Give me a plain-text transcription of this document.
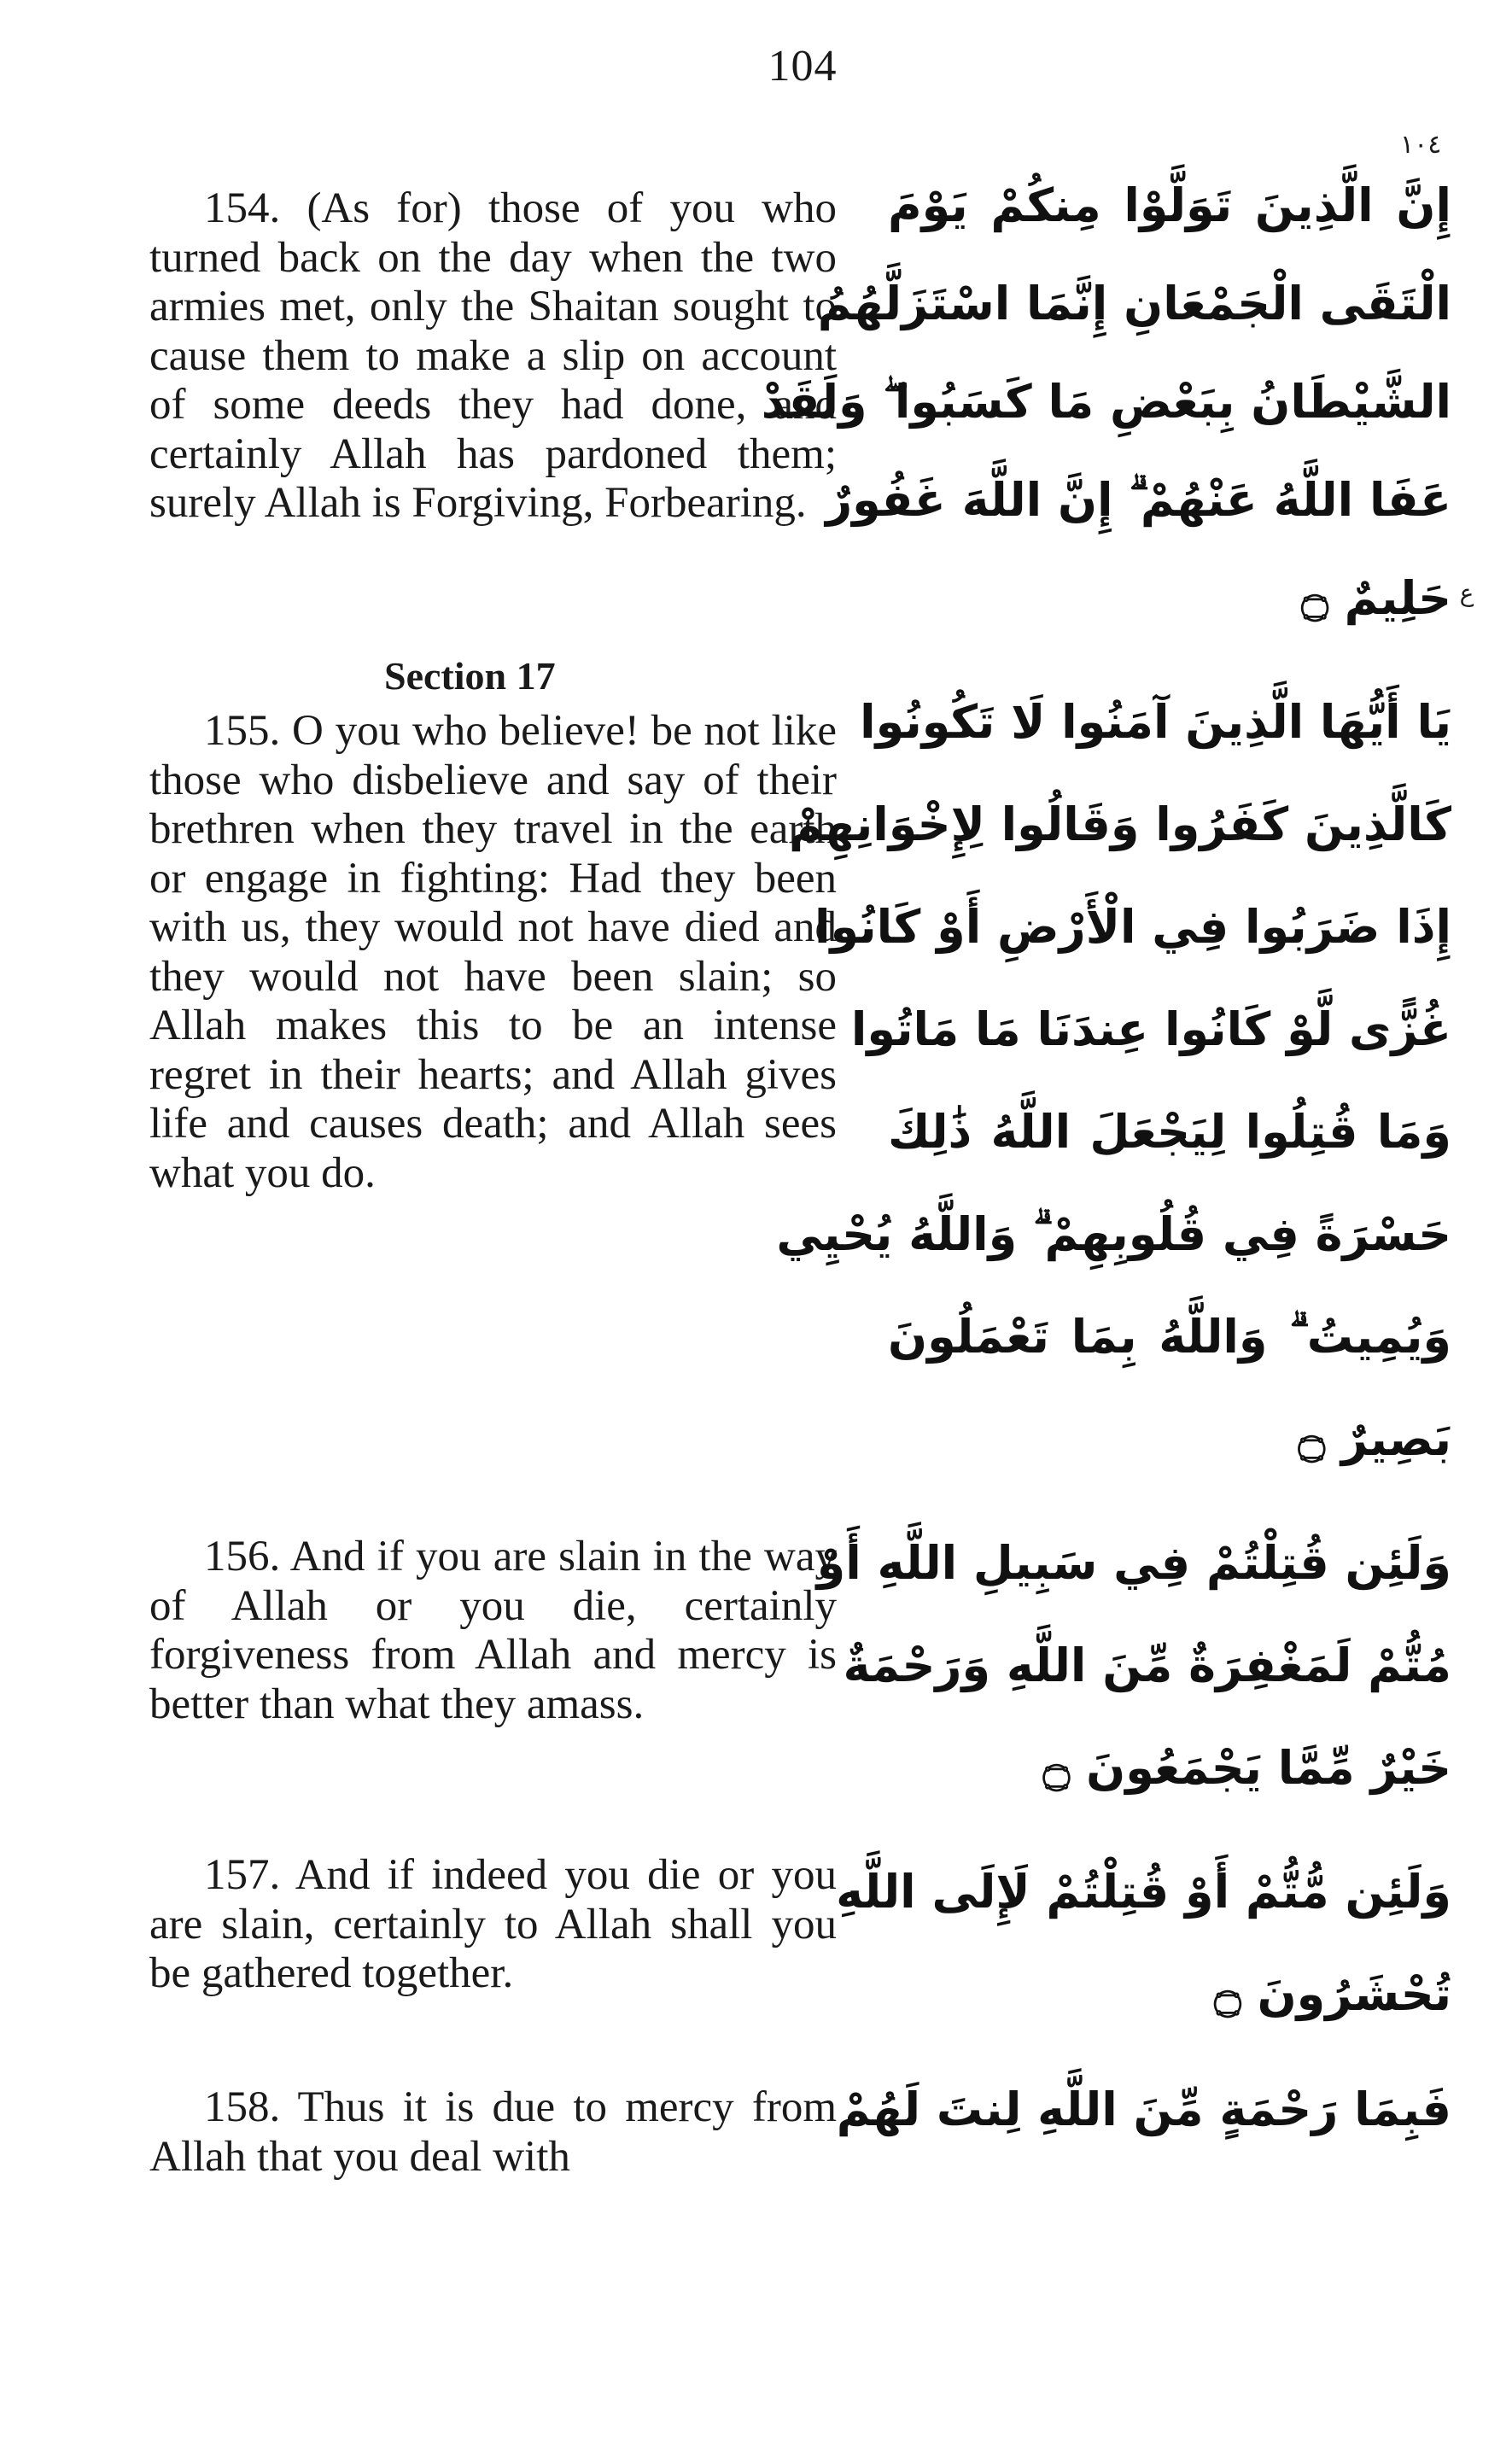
104
١٠٤

154. (As for) those of you who turned back on the day when the two armies met, only the Shaitan sought to cause them to make a slip on account of some deeds they had done, and certainly Allah has pardoned them; surely Allah is Forgiving, Forbearing.

Section 17

155. O you who believe! be not like those who disbelieve and say of their brethren when they travel in the earth or engage in fighting: Had they been with us, they would not have died and they would not have been slain; so Allah makes this to be an intense regret in their hearts; and Allah gives life and causes death; and Allah sees what you do.

156. And if you are slain in the way of Allah or you die, certainly forgiveness from Allah and mercy is better than what they amass.

157. And if indeed you die or you are slain, certainly to Allah shall you be gathered together.

158. Thus it is due to mercy from Allah that you deal with

ع
إِنَّ الَّذِينَ تَوَلَّوْا مِنكُمْ يَوْمَ
الْتَقَى الْجَمْعَانِ إِنَّمَا اسْتَزَلَّهُمُ
الشَّيْطَانُ بِبَعْضِ مَا كَسَبُوا ۖ وَلَقَدْ
عَفَا اللَّهُ عَنْهُمْ ۗ إِنَّ اللَّهَ غَفُورٌ
حَلِيمٌ ۝
يَا أَيُّهَا الَّذِينَ آمَنُوا لَا تَكُونُوا
كَالَّذِينَ كَفَرُوا وَقَالُوا لِإِخْوَانِهِمْ
إِذَا ضَرَبُوا فِي الْأَرْضِ أَوْ كَانُوا
غُزًّى لَّوْ كَانُوا عِندَنَا مَا مَاتُوا
وَمَا قُتِلُوا لِيَجْعَلَ اللَّهُ ذَٰلِكَ
حَسْرَةً فِي قُلُوبِهِمْ ۗ وَاللَّهُ يُحْيِي
وَيُمِيتُ ۗ وَاللَّهُ بِمَا تَعْمَلُونَ
بَصِيرٌ ۝
وَلَئِن قُتِلْتُمْ فِي سَبِيلِ اللَّهِ أَوْ
مُتُّمْ لَمَغْفِرَةٌ مِّنَ اللَّهِ وَرَحْمَةٌ
خَيْرٌ مِّمَّا يَجْمَعُونَ ۝
وَلَئِن مُّتُّمْ أَوْ قُتِلْتُمْ لَإِلَى اللَّهِ
تُحْشَرُونَ ۝
فَبِمَا رَحْمَةٍ مِّنَ اللَّهِ لِنتَ لَهُمْ
